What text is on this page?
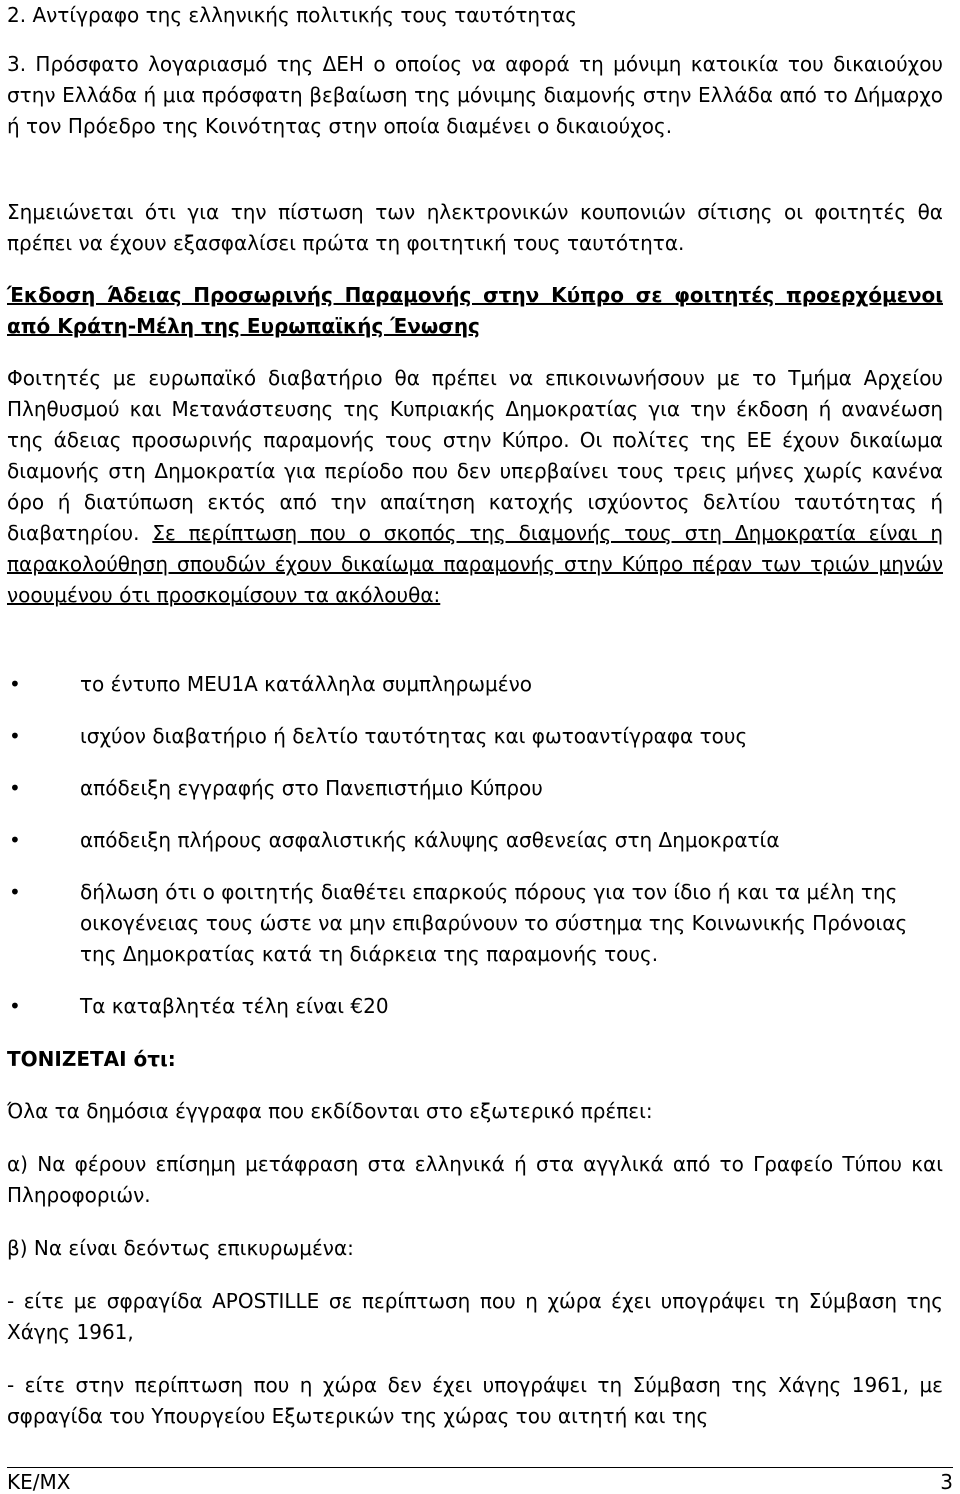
2. Αντίγραφο της ελληνικής πολιτικής τους ταυτότητας

3. Πρόσφατο λογαριασμό της ΔΕΗ ο οποίος να αφορά τη μόνιμη κατοικία του δικαιούχου στην Ελλάδα ή μια πρόσφατη βεβαίωση της μόνιμης διαμονής στην Ελλάδα από το Δήμαρχο ή τον Πρόεδρο της Κοινότητας στην οποία διαμένει ο δικαιούχος.

Σημειώνεται ότι για την πίστωση των ηλεκτρονικών κουπονιών σίτισης οι φοιτητές θα πρέπει να έχουν εξασφαλίσει πρώτα τη φοιτητική τους ταυτότητα.

Έκδοση Άδειας Προσωρινής Παραμονής στην Κύπρο σε φοιτητές προερχόμενοι από Κράτη-Μέλη της Ευρωπαϊκής Ένωσης

Φοιτητές με ευρωπαϊκό διαβατήριο θα πρέπει να επικοινωνήσουν με το Τμήμα Αρχείου Πληθυσμού και Μετανάστευσης της Κυπριακής Δημοκρατίας για την έκδοση ή ανανέωση της άδειας προσωρινής παραμονής τους στην Κύπρο. Οι πολίτες της ΕΕ έχουν δικαίωμα διαμονής στη Δημοκρατία για περίοδο που δεν υπερβαίνει τους τρεις μήνες χωρίς κανένα όρο ή διατύπωση εκτός από την απαίτηση κατοχής ισχύοντος δελτίου ταυτότητας ή διαβατηρίου. Σε περίπτωση που ο σκοπός της διαμονής τους στη Δημοκρατία είναι η παρακολούθηση σπουδών έχουν δικαίωμα παραμονής στην Κύπρο πέραν των τριών μηνών νοουμένου ότι προσκομίσουν τα ακόλουθα:

•	το έντυπο MEU1A κατάλληλα συμπληρωμένο
•	ισχύον διαβατήριο ή δελτίο ταυτότητας και φωτοαντίγραφα τους
•	απόδειξη εγγραφής στο Πανεπιστήμιο Κύπρου
•	απόδειξη πλήρους ασφαλιστικής κάλυψης ασθενείας στη Δημοκρατία
•	δήλωση ότι ο φοιτητής διαθέτει επαρκούς πόρους για τον ίδιο ή και τα μέλη της οικογένειας τους ώστε να μην επιβαρύνουν το σύστημα της Κοινωνικής Πρόνοιας της Δημοκρατίας κατά τη διάρκεια της παραμονής τους.
•	Τα καταβλητέα τέλη είναι €20

ΤΟΝΙΖΕΤΑΙ ότι:

Όλα τα δημόσια έγγραφα που εκδίδονται στο εξωτερικό πρέπει:

α) Να φέρουν επίσημη μετάφραση στα ελληνικά ή στα αγγλικά από το Γραφείο Τύπου και Πληροφοριών.

β) Να είναι δεόντως επικυρωμένα:

- είτε με σφραγίδα APOSTILLE σε περίπτωση που η χώρα έχει υπογράψει τη Σύμβαση της Χάγης 1961,

- είτε στην περίπτωση που η χώρα δεν έχει υπογράψει τη Σύμβαση της Χάγης 1961, με σφραγίδα του Υπουργείου Εξωτερικών της χώρας του αιτητή και της

ΚΕ/ΜΧ	3
